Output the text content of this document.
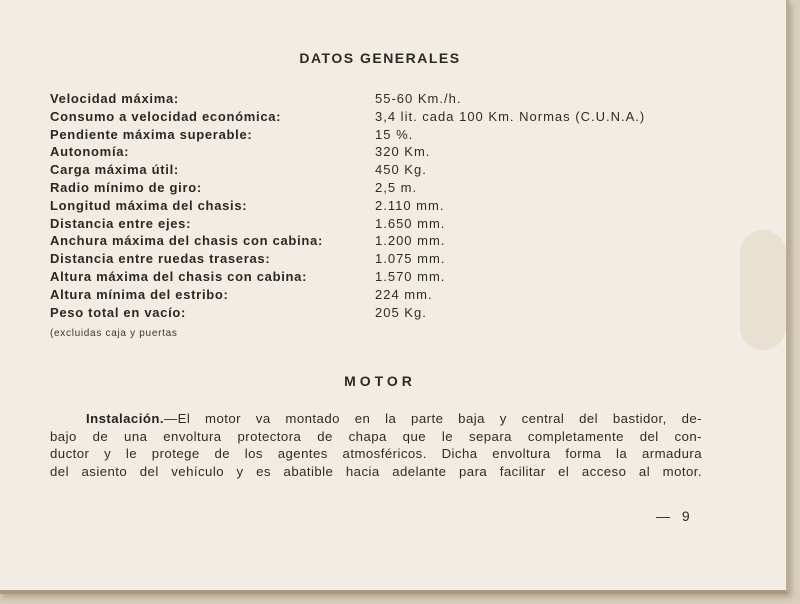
DATOS GENERALES
Velocidad máxima:	55-60 Km./h.
Consumo a velocidad económica:	3,4 lit. cada 100 Km. Normas (C.U.N.A.)
Pendiente máxima superable:	15 %.
Autonomía:	320 Km.
Carga máxima útil:	450 Kg.
Radio mínimo de giro:	2,5 m.
Longitud máxima del chasis:	2.110 mm.
Distancia entre ejes:	1.650 mm.
Anchura máxima del chasis con cabina:	1.200 mm.
Distancia entre ruedas traseras:	1.075 mm.
Altura máxima del chasis con cabina:	1.570 mm.
Altura mínima del estribo:	224 mm.
Peso total en vacío:	205 Kg.
(excluidas caja y puertas
MOTOR
Instalación.—El motor va montado en la parte baja y central del bastidor, de-
bajo de una envoltura protectora de chapa que le separa completamente del con-
ductor y le protege de los agentes atmosféricos. Dicha envoltura forma la armadura
del asiento del vehículo y es abatible hacia adelante para facilitar el acceso al motor.
— 9
